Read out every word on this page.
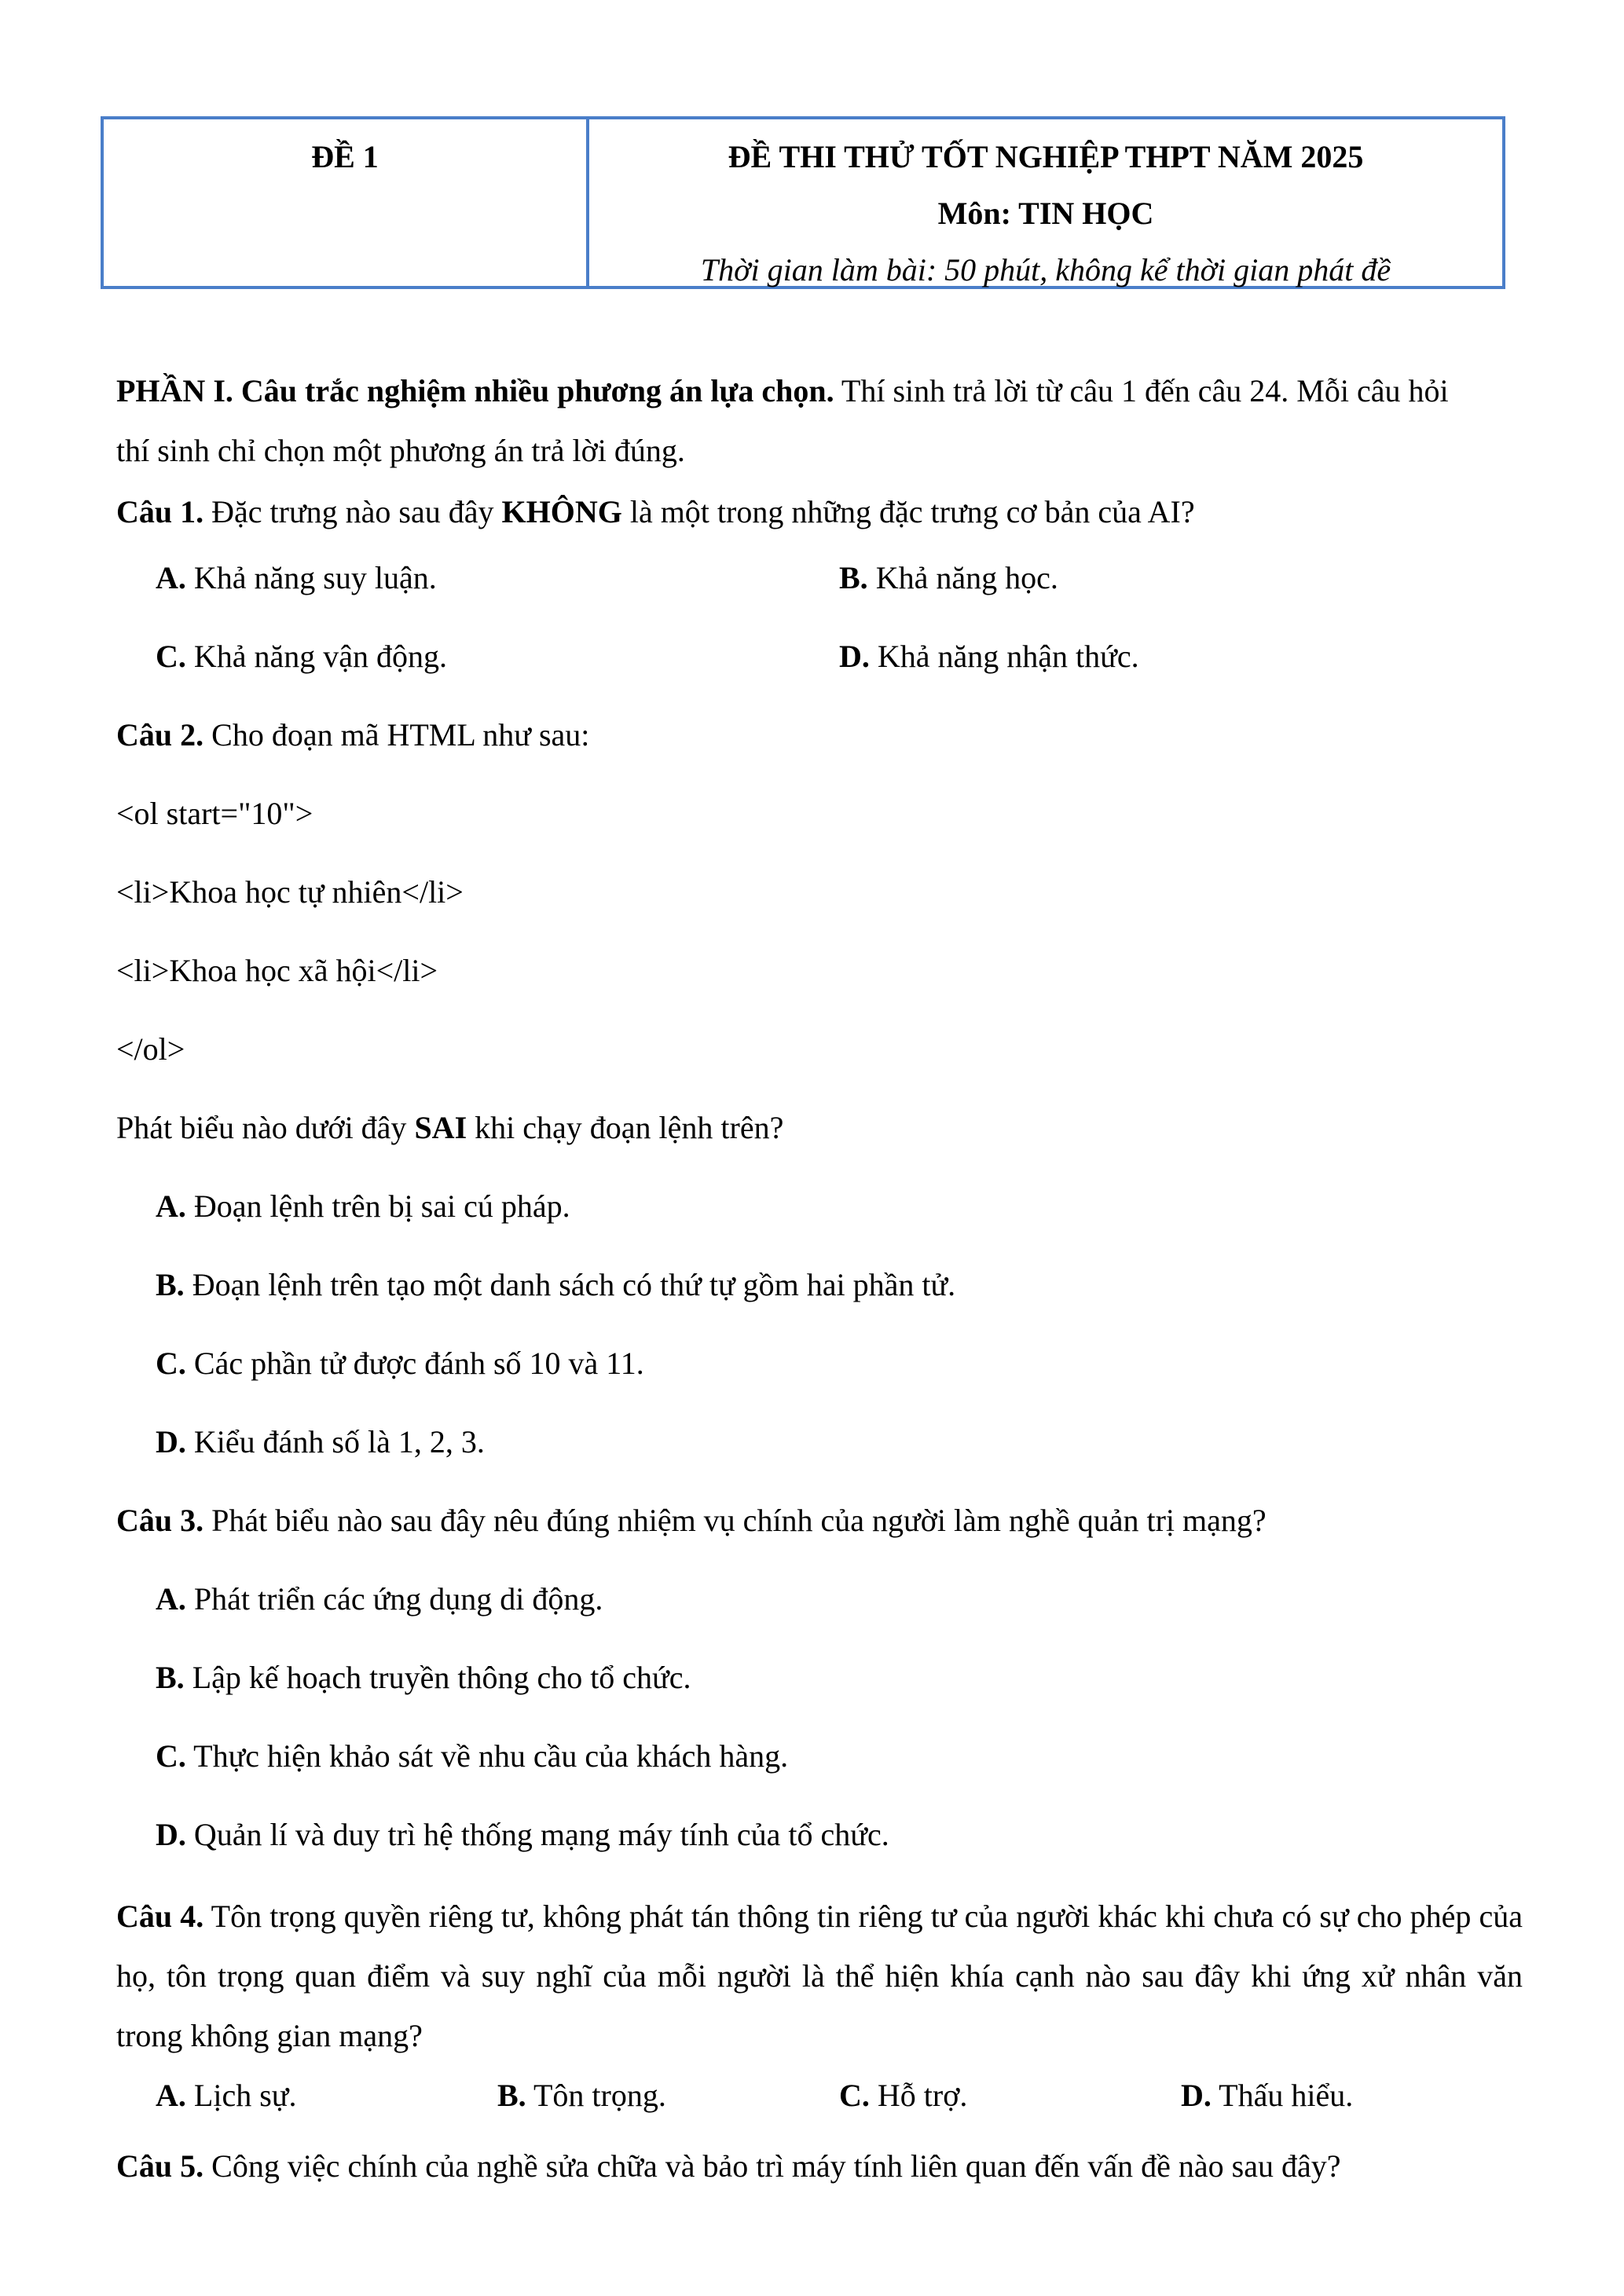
ĐỀ 1	ĐỀ THI THỬ TỐT NGHIỆP THPT NĂM 2025
Môn: TIN HỌC
Thời gian làm bài: 50 phút, không kể thời gian phát đề
PHẦN I. Câu trắc nghiệm nhiều phương án lựa chọn. Thí sinh trả lời từ câu 1 đến câu 24. Mỗi câu hỏi
thí sinh chỉ chọn một phương án trả lời đúng.
Câu 1. Đặc trưng nào sau đây KHÔNG là một trong những đặc trưng cơ bản của AI?
A. Khả năng suy luận.	B. Khả năng học.
C. Khả năng vận động.	D. Khả năng nhận thức.
Câu 2. Cho đoạn mã HTML như sau:
<ol start="10">
<li>Khoa học tự nhiên</li>
<li>Khoa học xã hội</li>
</ol>
Phát biểu nào dưới đây SAI khi chạy đoạn lệnh trên?
A. Đoạn lệnh trên bị sai cú pháp.
B. Đoạn lệnh trên tạo một danh sách có thứ tự gồm hai phần tử.
C. Các phần tử được đánh số 10 và 11.
D. Kiểu đánh số là 1, 2, 3.
Câu 3. Phát biểu nào sau đây nêu đúng nhiệm vụ chính của người làm nghề quản trị mạng?
A. Phát triển các ứng dụng di động.
B. Lập kế hoạch truyền thông cho tổ chức.
C. Thực hiện khảo sát về nhu cầu của khách hàng.
D. Quản lí và duy trì hệ thống mạng máy tính của tổ chức.
Câu 4. Tôn trọng quyền riêng tư, không phát tán thông tin riêng tư của người khác khi chưa có sự cho phép của họ, tôn trọng quan điểm và suy nghĩ của mỗi người là thể hiện khía cạnh nào sau đây khi ứng xử nhân văn trong không gian mạng?
A. Lịch sự.	B. Tôn trọng.	C. Hỗ trợ.	D. Thấu hiểu.
Câu 5. Công việc chính của nghề sửa chữa và bảo trì máy tính liên quan đến vấn đề nào sau đây?
